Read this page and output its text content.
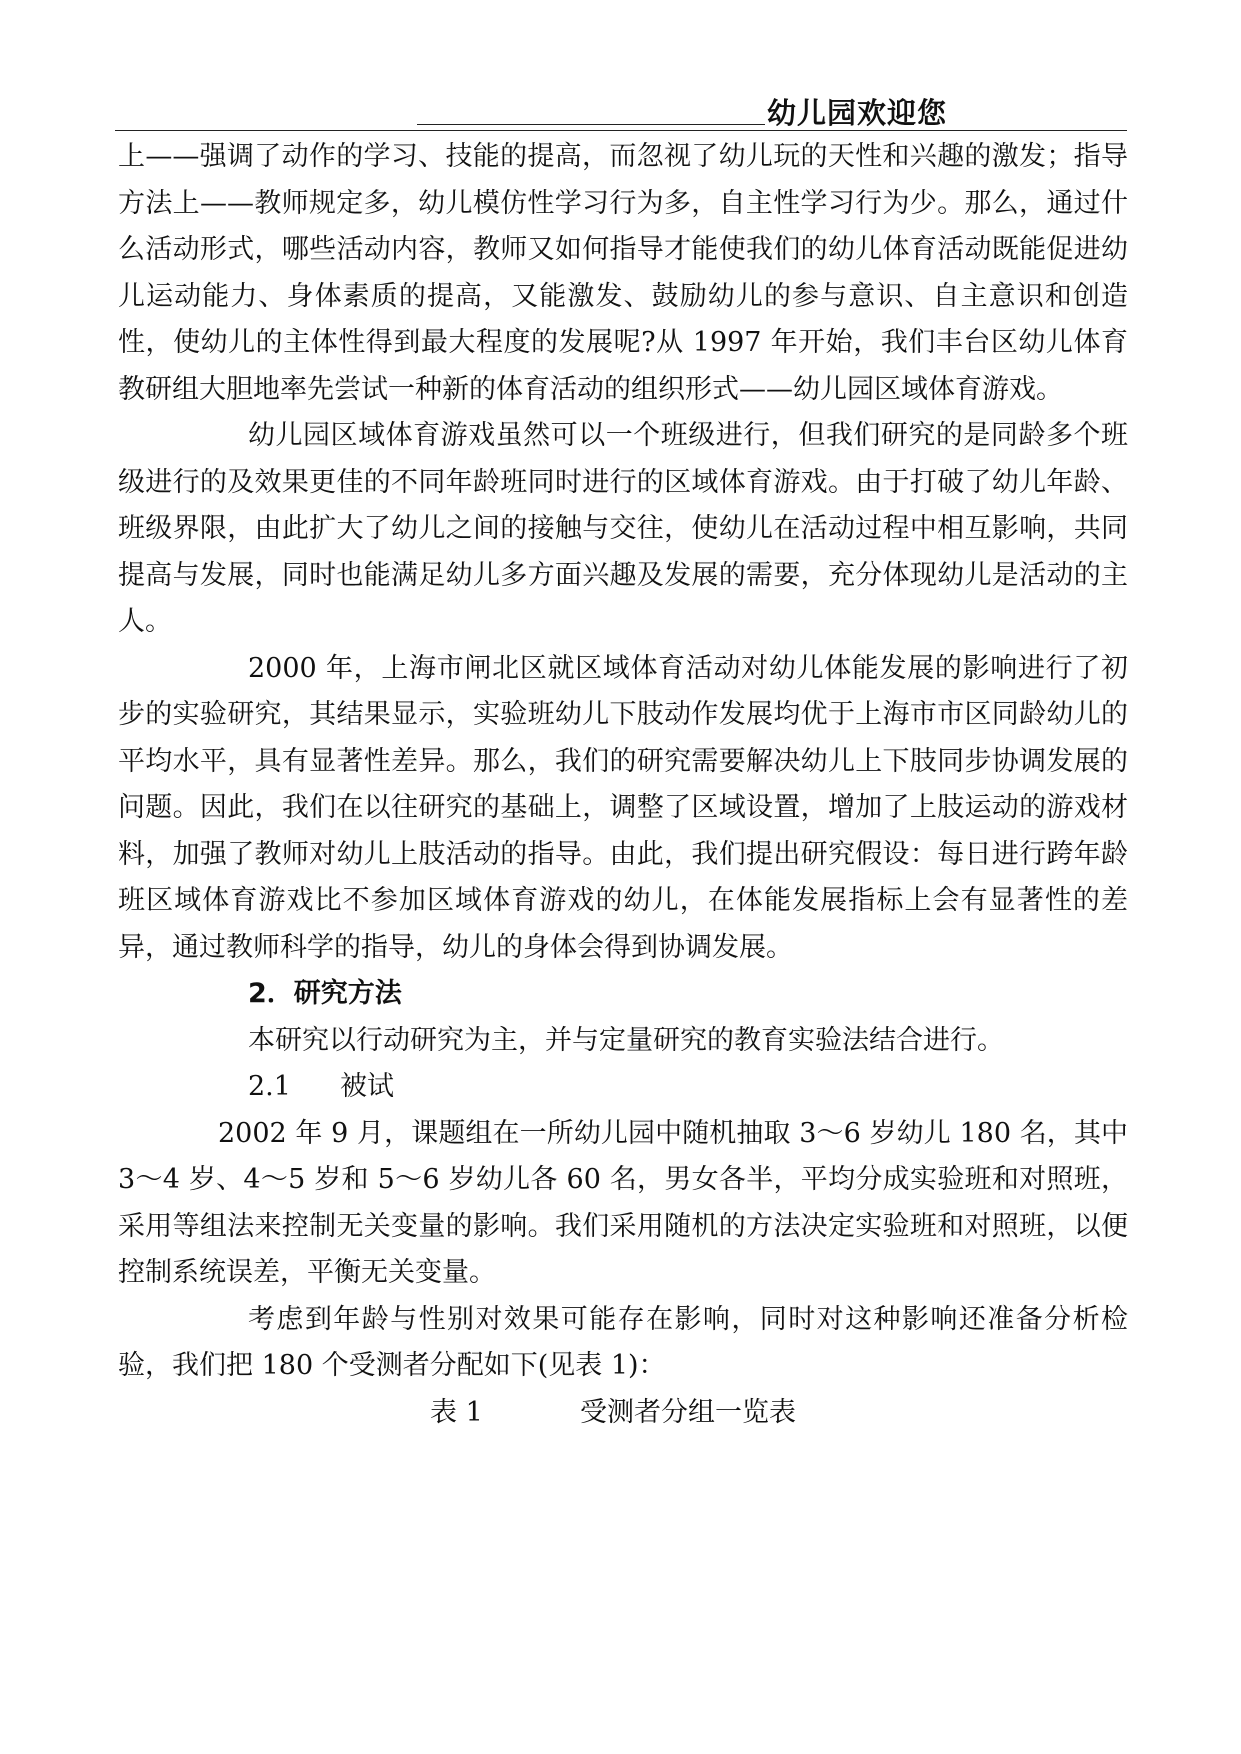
幼儿园欢迎您

上——强调了动作的学习、技能的提高，而忽视了幼儿玩的天性和兴趣的激发；指导方法上——教师规定多，幼儿模仿性学习行为多，自主性学习行为少。那么，通过什么活动形式，哪些活动内容，教师又如何指导才能使我们的幼儿体育活动既能促进幼儿运动能力、身体素质的提高，又能激发、鼓励幼儿的参与意识、自主意识和创造性，使幼儿的主体性得到最大程度的发展呢?从 1997 年开始，我们丰台区幼儿体育教研组大胆地率先尝试一种新的体育活动的组织形式——幼儿园区域体育游戏。

幼儿园区域体育游戏虽然可以一个班级进行，但我们研究的是同龄多个班级进行的及效果更佳的不同年龄班同时进行的区域体育游戏。由于打破了幼儿年龄、班级界限，由此扩大了幼儿之间的接触与交往，使幼儿在活动过程中相互影响，共同提高与发展，同时也能满足幼儿多方面兴趣及发展的需要，充分体现幼儿是活动的主人。

2000 年，上海市闸北区就区域体育活动对幼儿体能发展的影响进行了初步的实验研究，其结果显示，实验班幼儿下肢动作发展均优于上海市市区同龄幼儿的平均水平，具有显著性差异。那么，我们的研究需要解决幼儿上下肢同步协调发展的问题。因此，我们在以往研究的基础上，调整了区域设置，增加了上肢运动的游戏材料，加强了教师对幼儿上肢活动的指导。由此，我们提出研究假设：每日进行跨年龄班区域体育游戏比不参加区域体育游戏的幼儿，在体能发展指标上会有显著性的差异，通过教师科学的指导，幼儿的身体会得到协调发展。

2．研究方法

本研究以行动研究为主，并与定量研究的教育实验法结合进行。

2.1 被试

2002 年 9 月，课题组在一所幼儿园中随机抽取 3～6 岁幼儿 180 名，其中 3～4 岁、4～5 岁和 5～6 岁幼儿各 60 名，男女各半，平均分成实验班和对照班，采用等组法来控制无关变量的影响。我们采用随机的方法决定实验班和对照班，以便控制系统误差，平衡无关变量。

考虑到年龄与性别对效果可能存在影响，同时对这种影响还准备分析检验，我们把 180 个受测者分配如下(见表 1)：

表 1	受测者分组一览表
